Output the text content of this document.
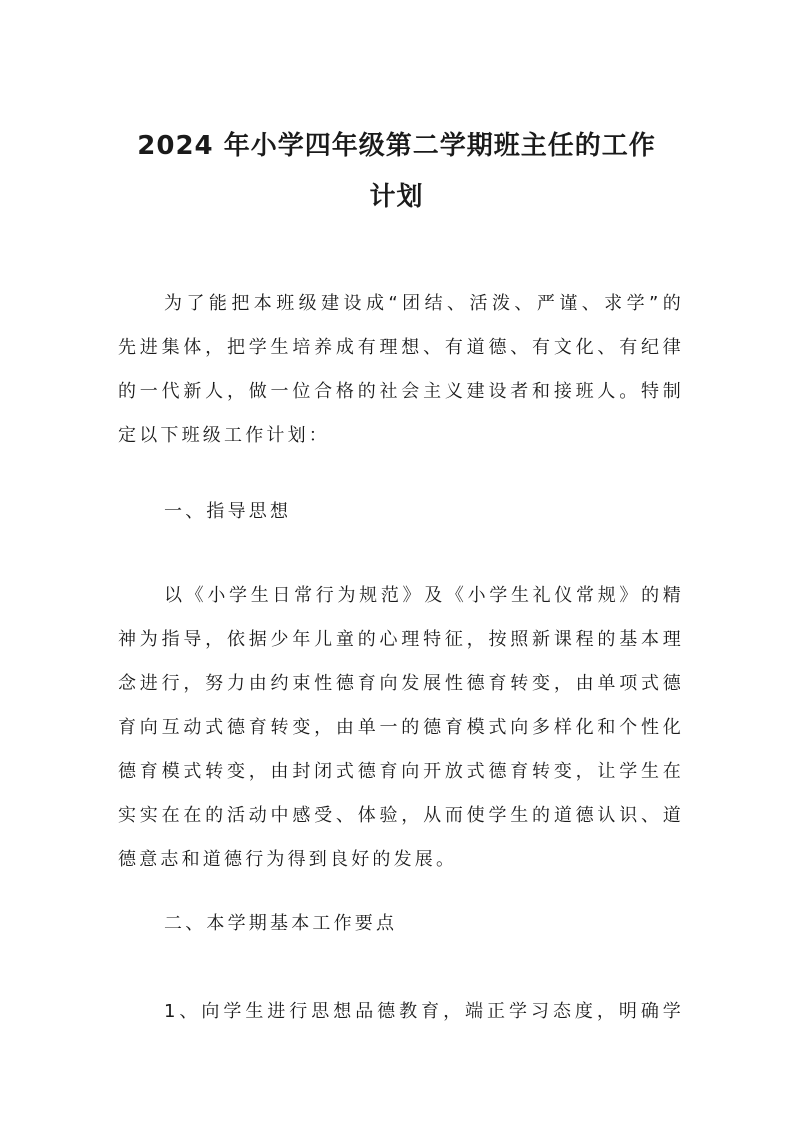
2024 年小学四年级第二学期班主任的工作
计划
为了能把本班级建设成“团结、活泼、严谨、求学”的
先进集体，把学生培养成有理想、有道德、有文化、有纪律
的一代新人，做一位合格的社会主义建设者和接班人。特制
定以下班级工作计划：
一、指导思想
以《小学生日常行为规范》及《小学生礼仪常规》的精
神为指导，依据少年儿童的心理特征，按照新课程的基本理
念进行，努力由约束性德育向发展性德育转变，由单项式德
育向互动式德育转变，由单一的德育模式向多样化和个性化
德育模式转变，由封闭式德育向开放式德育转变，让学生在
实实在在的活动中感受、体验，从而使学生的道德认识、道
德意志和道德行为得到良好的发展。
二、本学期基本工作要点
1、向学生进行思想品德教育，端正学习态度，明确学
